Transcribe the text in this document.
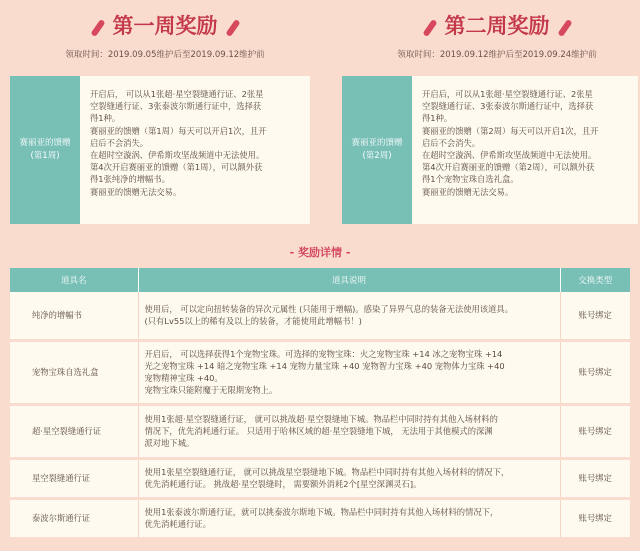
第一周奖励
领取时间：2019.09.05维护后至2019.09.12维护前
赛丽亚的馈赠
(第1周)

开启后， 可以从1张超·星空裂缝通行证、2张星

空裂缝通行证、3张泰波尔斯通行证中，选择获

得1种。

赛丽亚的馈赠（第1周）每天可以开启1次，且开

启后不会消失。

在超时空漩涡、伊希斯攻坚战频道中无法使用。

第4次开启赛丽亚的馈赠（第1周），可以额外获

得1张纯净的增幅书。

赛丽亚的馈赠无法交易。

第二周奖励
领取时间：2019.09.12维护后至2019.09.24维护前
赛丽亚的馈赠
(第2周)

开启后，可以从1张超·星空裂缝通行证、2张星

空裂缝通行证、3张泰波尔斯通行证中，选择获

得1种。

赛丽亚的馈赠（第2周）每天可以开启1次，且开

启后不会消失。

在超时空漩涡、伊希斯攻坚战频道中无法使用。

第4次开启赛丽亚的馈赠（第2周），可以额外获

得1个宠物宝珠自选礼盒。

赛丽亚的馈赠无法交易。

- 奖励详情 -
道具名	道具说明	交换类型
纯净的增幅书	使用后， 可以定向扭转装备的异次元属性 (只能用于增幅)。感染了异界气息的装备无法使用该道具。
(只有Lv55以上的稀有及以上的装备，才能使用此增幅书！)	账号绑定
宠物宝珠自选礼盒	开启后， 可以选择获得1个宠物宝珠。可选择的宠物宝珠：火之宠物宝珠 +14 冰之宠物宝珠 +14
光之宠物宝珠 +14 暗之宠物宝珠 +14 宠物力量宝珠 +40 宠物智力宝珠 +40 宠物体力宝珠 +40
宠物精神宝珠 +40。
宠物宝珠只能附魔于无限期宠物上。	账号绑定
超·星空裂缝通行证	使用1张超·星空裂缝通行证， 就可以挑战超·星空裂缝地下城。物品栏中同时持有其他入场材料的
情况下，优先消耗通行证。 只适用于哈林区域的超·星空裂缝地下城， 无法用于其他模式的深渊
派对地下城。	账号绑定
星空裂缝通行证	使用1张星空裂缝通行证， 就可以挑战星空裂缝地下城。物品栏中同时持有其他入场材料的情况下，
优先消耗通行证。 挑战超·星空裂缝时， 需要额外消耗2个[星空深渊灵石]。	账号绑定
泰波尔斯通行证	使用1张泰波尔斯通行证，就可以挑泰波尔斯地下城。物品栏中同时持有其他入场材料的情况下，
优先消耗通行证。	账号绑定
